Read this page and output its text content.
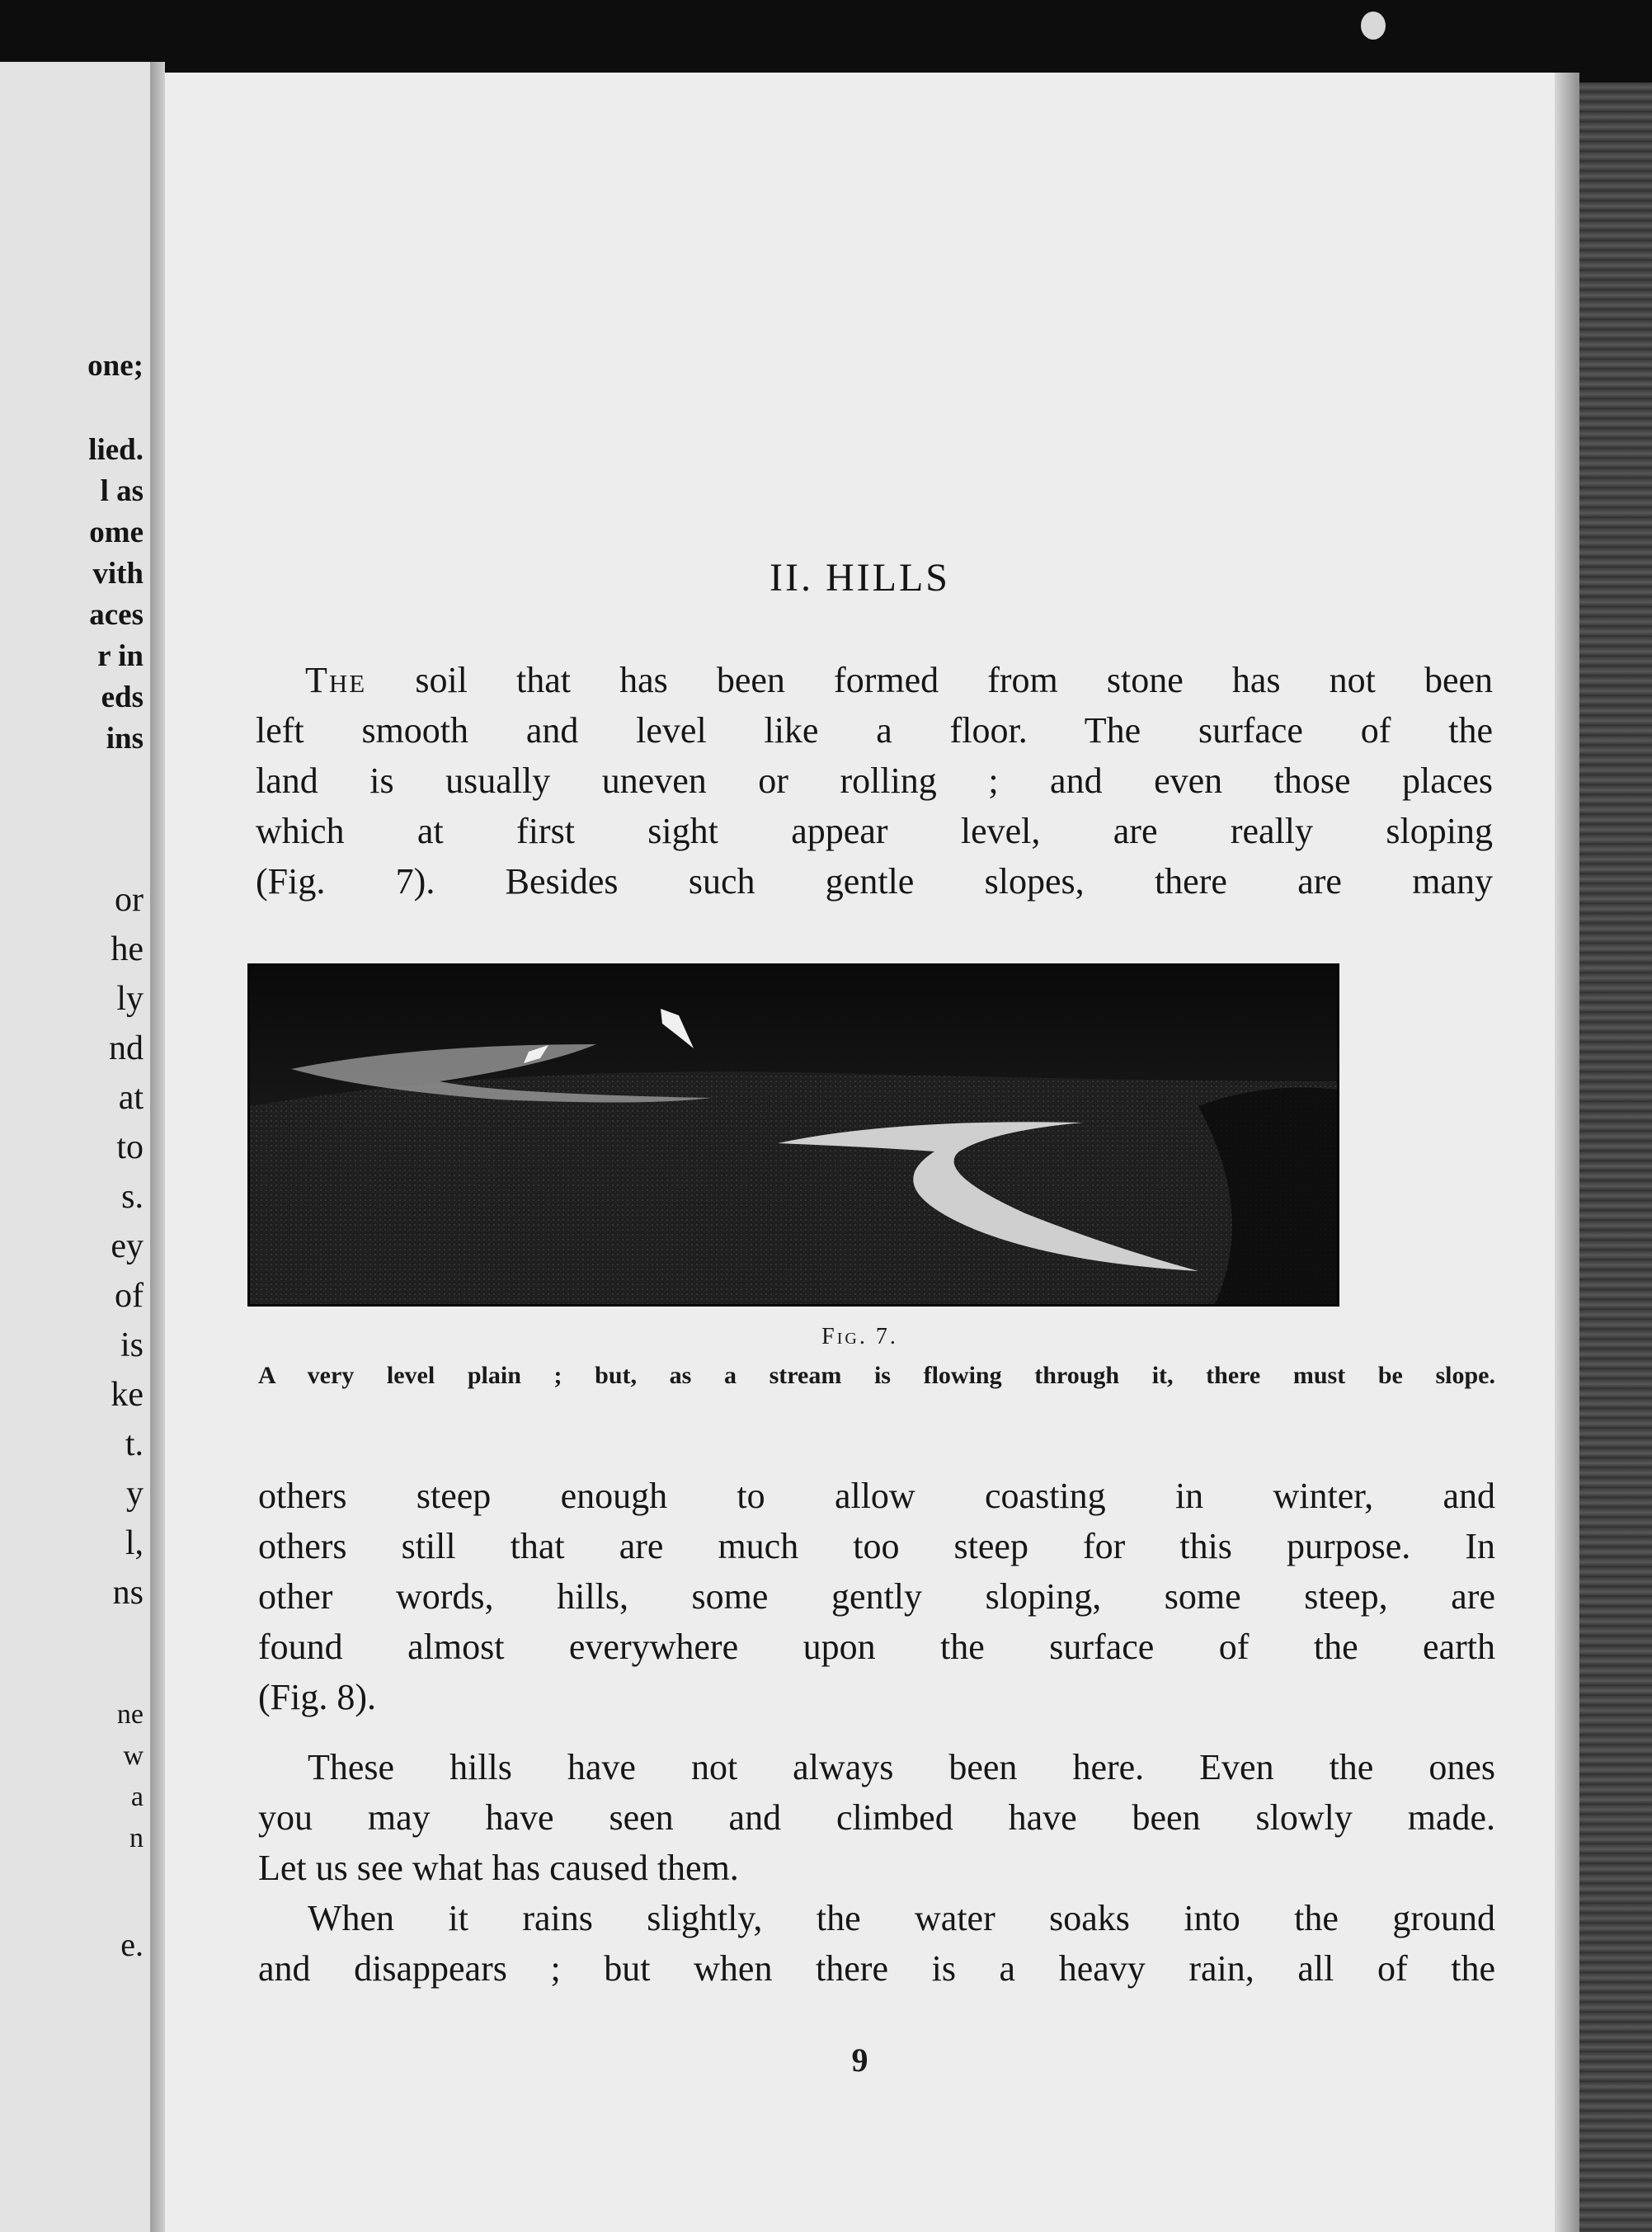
one;
lied.
l as
ome
vith
aces
r in
eds
ins
or
he
ly
nd
at
to
s.
ey
of
is
ke
t.
y
l,
ns
ne
w
a
n
e.
II. HILLS
The soil that has been formed from stone has not been
left smooth and level like a floor. The surface of the
land is usually uneven or rolling ; and even those places
which at first sight appear level, are really sloping
(Fig. 7). Besides such gentle slopes, there are many
Fig. 7.
A very level plain ; but, as a stream is flowing through it, there must be slope.
others steep enough to allow coasting in winter, and
others still that are much too steep for this purpose. In
other words, hills, some gently sloping, some steep, are
found almost everywhere upon the surface of the earth
(Fig. 8).
These hills have not always been here. Even the ones
you may have seen and climbed have been slowly made.
Let us see what has caused them.
When it rains slightly, the water soaks into the ground
and disappears ; but when there is a heavy rain, all of the
9
